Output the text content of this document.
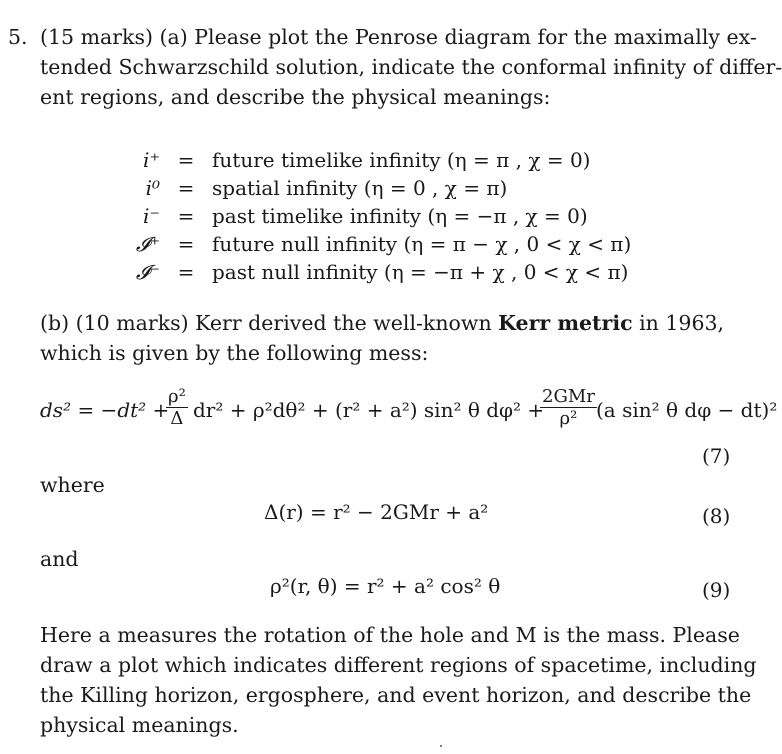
5. (15 marks) (a) Please plot the Penrose diagram for the maximally ex-
tended Schwarzschild solution, indicate the conformal infinity of differ-
ent regions, and describe the physical meanings:
i⁺ = future timelike infinity (η = π , χ = 0)
i⁰ = spatial infinity (η = 0 , χ = π)
i⁻ = past timelike infinity (η = −π , χ = 0)
𝓘⁺ = future null infinity (η = π − χ , 0 < χ < π)
𝓘⁻ = past null infinity (η = −π + χ , 0 < χ < π)
(b) (10 marks) Kerr derived the well-known Kerr metric in 1963,
which is given by the following mess:
ds² = −dt² +
$\frac{\text{ρ²}}{\Delta} dr^2 + \rho^2d\theta^2 + (r^2 + a^2)$ sin² θ dφ² +
2GMr
ρ² (a sin² θ dφ − dt)²
(7)
where
Δ(r) = r² − 2GMr + a²	(8)
and
ρ²(r, θ) = r² + a² cos² θ	(9)
Here a measures the rotation of the hole and M is the mass. Please
draw a plot which indicates different regions of spacetime, including
the Killing horizon, ergosphere, and event horizon, and describe the
physical meanings.
